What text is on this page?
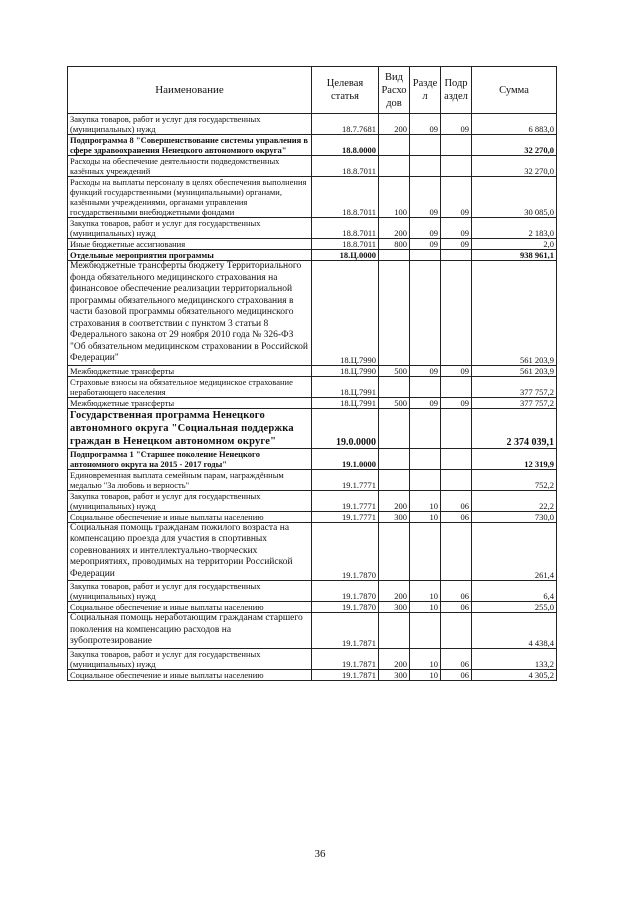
Наименование	Целевая статья	Вид Расхо дов	Разде л	Подр аздел	Сумма
Закупка товаров, работ и услуг для государственных (муниципальных) нужд	18.7.7681	200	09	09	6 883,0
Подпрограмма 8 "Совершенствование системы управления в сфере здравоохранения Ненецкого автономного округа"	18.8.0000				32 270,0
Расходы на обеспечение деятельности подведомственных казённых учреждений	18.8.7011				32 270,0
Расходы на выплаты персоналу в целях обеспечения выполнения функций государственными (муниципальными) органами, казёнными учреждениями, органами управления государственными внебюджетными фондами	18.8.7011	100	09	09	30 085,0
Закупка товаров, работ и услуг для государственных (муниципальных) нужд	18.8.7011	200	09	09	2 183,0
Иные бюджетные ассигнования	18.8.7011	800	09	09	2,0
Отдельные мероприятия программы	18.Ц.0000				938 961,1
Межбюджетные трансферты бюджету Территориального фонда обязательного медицинского страхования на финансовое обеспечение реализации территориальной программы обязательного медицинского страхования в части базовой программы обязательного медицинского страхования в соответствии с пунктом 3 статьи 8 Федерального закона от 29 ноября 2010 года № 326-ФЗ "Об обязательном медицинском страховании в Российской Федерации"	18.Ц.7990				561 203,9
Межбюджетные трансферты	18.Ц.7990	500	09	09	561 203,9
Страховые взносы на обязательное медицинское страхование неработающего населения	18.Ц.7991				377 757,2
Межбюджетные трансферты	18.Ц.7991	500	09	09	377 757,2
Государственная программа Ненецкого автономного округа "Социальная поддержка граждан в Ненецком автономном округе"	19.0.0000				2 374 039,1
Подпрограмма 1 "Старшее поколение Ненецкого автономного округа на 2015 - 2017 годы"	19.1.0000				12 319,9
Единовременная выплата семейным парам, награждённым медалью "За любовь и верность"	19.1.7771				752,2
Закупка товаров, работ и услуг для государственных (муниципальных) нужд	19.1.7771	200	10	06	22,2
Социальное обеспечение и иные выплаты населению	19.1.7771	300	10	06	730,0
Социальная помощь гражданам пожилого возраста на компенсацию проезда для участия в спортивных соревнованиях и интеллектуально-творческих мероприятиях, проводимых на территории Российской Федерации	19.1.7870				261,4
Закупка товаров, работ и услуг для государственных (муниципальных) нужд	19.1.7870	200	10	06	6,4
Социальное обеспечение и иные выплаты населению	19.1.7870	300	10	06	255,0
Социальная помощь неработающим гражданам старшего поколения на компенсацию расходов на зубопротезирование	19.1.7871				4 438,4
Закупка товаров, работ и услуг для государственных (муниципальных) нужд	19.1.7871	200	10	06	133,2
Социальное обеспечение и иные выплаты населению	19.1.7871	300	10	06	4 305,2
36
